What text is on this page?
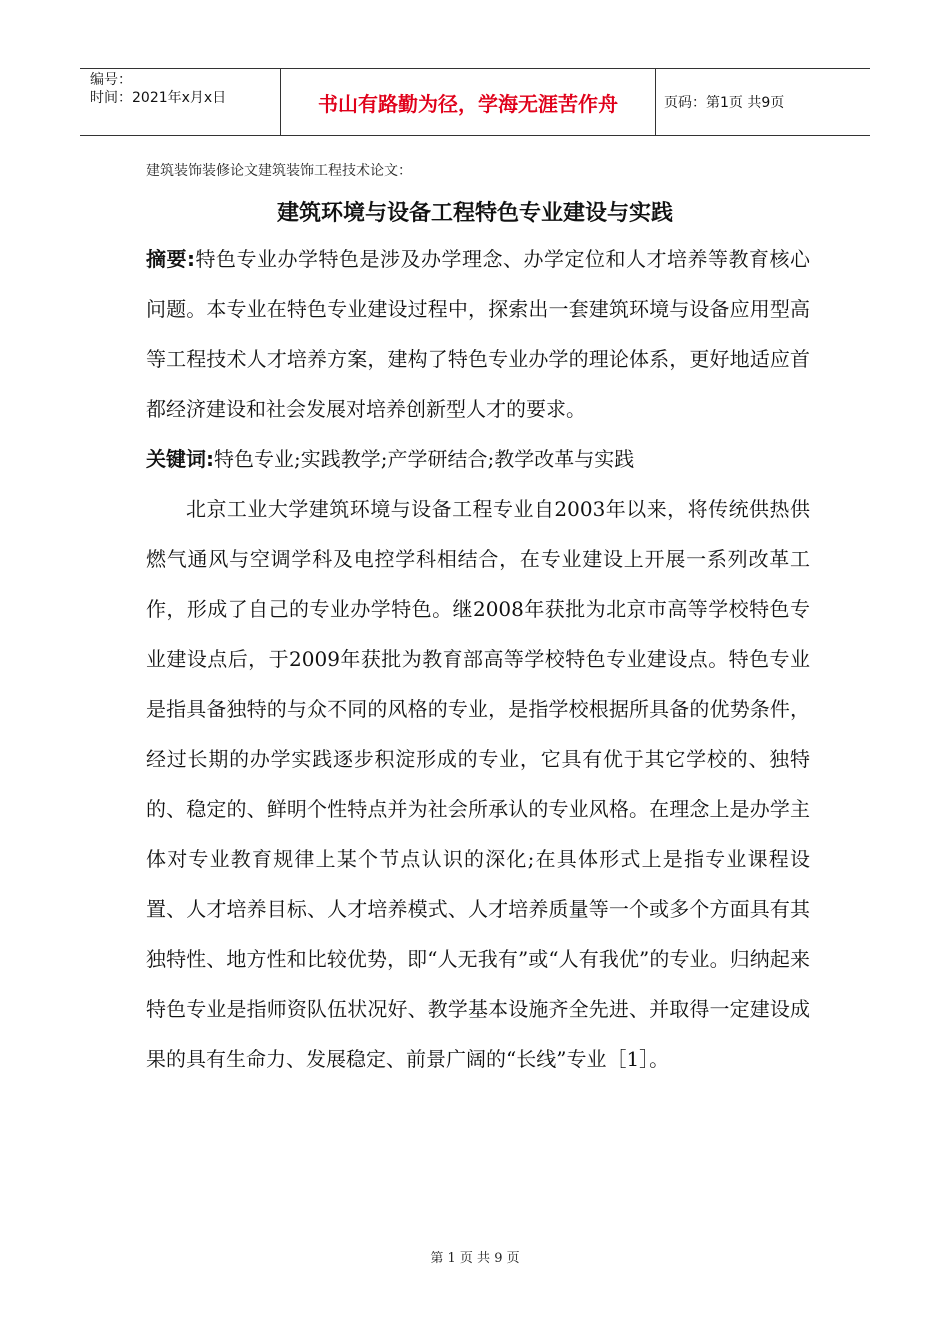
编号：
时间：2021年x月x日	书山有路勤为径，学海无涯苦作舟	页码：第1页 共9页
建筑装饰装修论文建筑装饰工程技术论文：
建筑环境与设备工程特色专业建设与实践

摘要:特色专业办学特色是涉及办学理念、办学定位和人才培养等教育核心问题。本专业在特色专业建设过程中，探索出一套建筑环境与设备应用型高等工程技术人才培养方案，建构了特色专业办学的理论体系，更好地适应首都经济建设和社会发展对培养创新型人才的要求。

关键词:特色专业;实践教学;产学研结合;教学改革与实践

北京工业大学建筑环境与设备工程专业自2003年以来，将传统供热供燃气通风与空调学科及电控学科相结合，在专业建设上开展一系列改革工作，形成了自己的专业办学特色。继2008年获批为北京市高等学校特色专业建设点后，于2009年获批为教育部高等学校特色专业建设点。特色专业是指具备独特的与众不同的风格的专业，是指学校根据所具备的优势条件，经过长期的办学实践逐步积淀形成的专业，它具有优于其它学校的、独特的、稳定的、鲜明个性特点并为社会所承认的专业风格。在理念上是办学主体对专业教育规律上某个节点认识的深化;在具体形式上是指专业课程设置、人才培养目标、人才培养模式、人才培养质量等一个或多个方面具有其独特性、地方性和比较优势，即“人无我有”或“人有我优”的专业。归纳起来特色专业是指师资队伍状况好、教学基本设施齐全先进、并取得一定建设成果的具有生命力、发展稳定、前景广阔的“长线”专业［1］。

第 1 页 共 9 页
